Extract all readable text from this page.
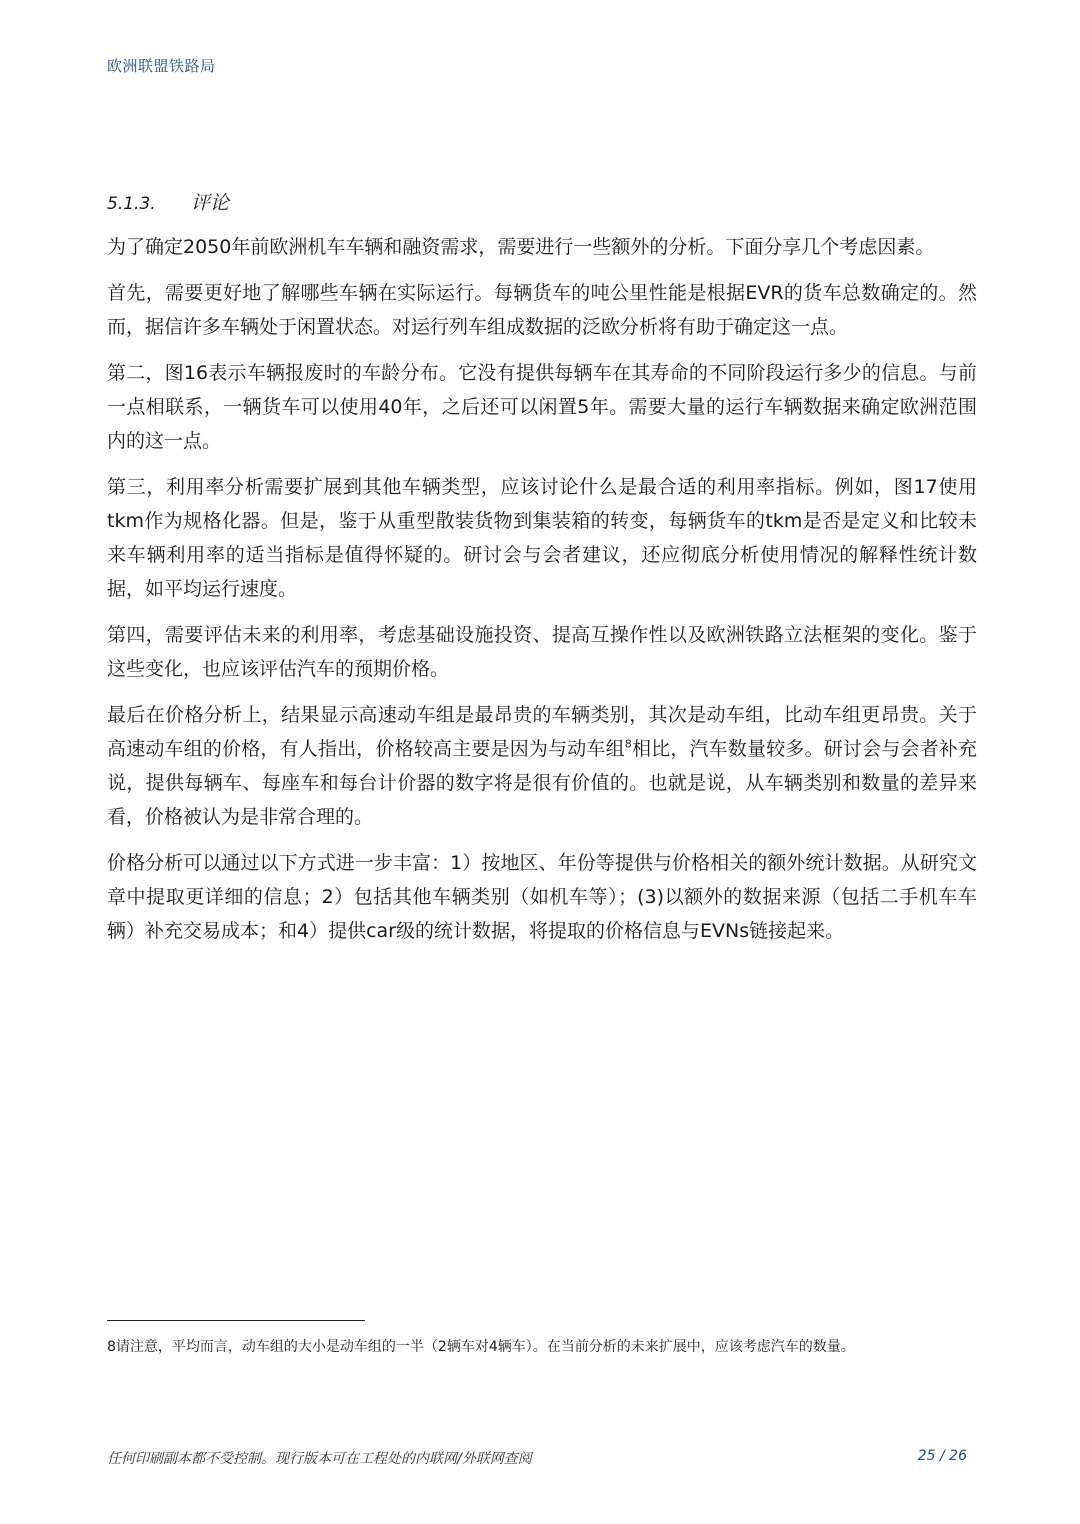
欧洲联盟铁路局
5.1.3. 评论

为了确定2050年前欧洲机车车辆和融资需求，需要进行一些额外的分析。下面分享几个考虑因素。

首先，需要更好地了解哪些车辆在实际运行。每辆货车的吨公里性能是根据EVR的货车总数确定的。然而，据信许多车辆处于闲置状态。对运行列车组成数据的泛欧分析将有助于确定这一点。

第二，图16表示车辆报废时的车龄分布。它没有提供每辆车在其寿命的不同阶段运行多少的信息。与前一点相联系，一辆货车可以使用40年，之后还可以闲置5年。需要大量的运行车辆数据来确定欧洲范围内的这一点。

第三，利用率分析需要扩展到其他车辆类型，应该讨论什么是最合适的利用率指标。例如，图17使用tkm作为规格化器。但是，鉴于从重型散装货物到集装箱的转变，每辆货车的tkm是否是定义和比较未来车辆利用率的适当指标是值得怀疑的。研讨会与会者建议，还应彻底分析使用情况的解释性统计数据，如平均运行速度。

第四，需要评估未来的利用率，考虑基础设施投资、提高互操作性以及欧洲铁路立法框架的变化。鉴于这些变化，也应该评估汽车的预期价格。

最后在价格分析上，结果显示高速动车组是最昂贵的车辆类别，其次是动车组，比动车组更昂贵。关于高速动车组的价格，有人指出，价格较高主要是因为与动车组$^8$相比，汽车数量较多。研讨会与会者补充说，提供每辆车、每座车和每台计价器的数字将是很有价值的。也就是说，从车辆类别和数量的差异来看，价格被认为是非常合理的。

价格分析可以通过以下方式进一步丰富：1）按地区、年份等提供与价格相关的额外统计数据。从研究文章中提取更详细的信息；2）包括其他车辆类别（如机车等）；(3)以额外的数据来源（包括二手机车车辆）补充交易成本；和4）提供car级的统计数据，将提取的价格信息与EVNs链接起来。

8请注意，平均而言，动车组的大小是动车组的一半（2辆车对4辆车）。在当前分析的未来扩展中，应该考虑汽车的数量。
任何印刷副本都不受控制。现行版本可在工程处的内联网/外联网查阅	25 / 26
